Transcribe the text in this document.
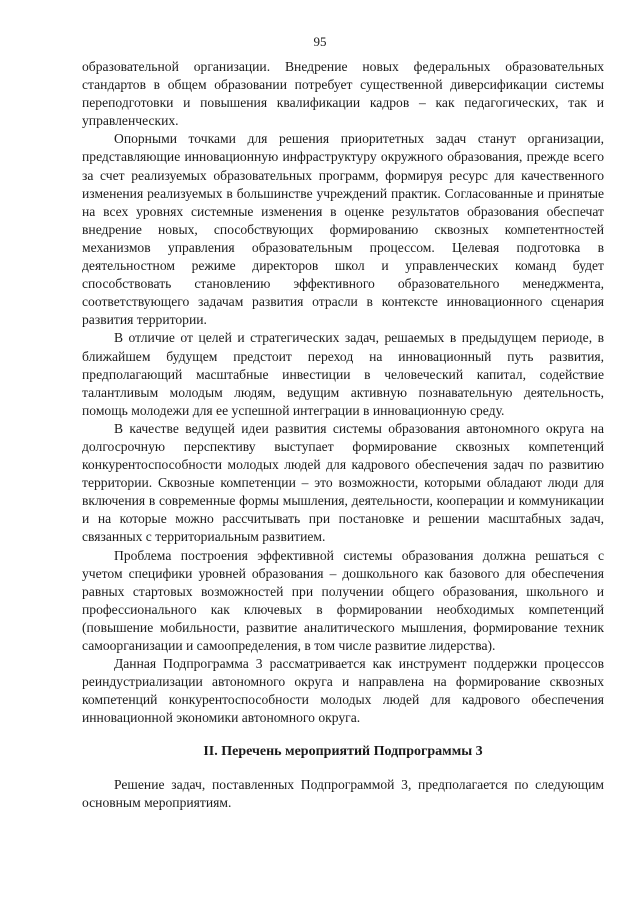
95

образовательной организации. Внедрение новых федеральных образовательных стандартов в общем образовании потребует существенной диверсификации системы переподготовки и повышения квалификации кадров – как педагогических, так и управленческих.

Опорными точками для решения приоритетных задач станут организации, представляющие инновационную инфраструктуру окружного образования, прежде всего за счет реализуемых образовательных программ, формируя ресурс для качественного изменения реализуемых в большинстве учреждений практик. Согласованные и принятые на всех уровнях системные изменения в оценке результатов образования обеспечат внедрение новых, способствующих формированию сквозных компетентностей механизмов управления образовательным процессом. Целевая подготовка в деятельностном режиме директоров школ и управленческих команд будет способствовать становлению эффективного образовательного менеджмента, соответствующего задачам развития отрасли в контексте инновационного сценария развития территории.

В отличие от целей и стратегических задач, решаемых в предыдущем периоде, в ближайшем будущем предстоит переход на инновационный путь развития, предполагающий масштабные инвестиции в человеческий капитал, содействие талантливым молодым людям, ведущим активную познавательную деятельность, помощь молодежи для ее успешной интеграции в инновационную среду.

В качестве ведущей идеи развития системы образования автономного округа на долгосрочную перспективу выступает формирование сквозных компетенций конкурентоспособности молодых людей для кадрового обеспечения задач по развитию территории. Сквозные компетенции – это возможности, которыми обладают люди для включения в современные формы мышления, деятельности, кооперации и коммуникации и на которые можно рассчитывать при постановке и решении масштабных задач, связанных с территориальным развитием.

Проблема построения эффективной системы образования должна решаться с учетом специфики уровней образования – дошкольного как базового для обеспечения равных стартовых возможностей при получении общего образования, школьного и профессионального как ключевых в формировании необходимых компетенций (повышение мобильности, развитие аналитического мышления, формирование техник самоорганизации и самоопределения, в том числе развитие лидерства).

Данная Подпрограмма 3 рассматривается как инструмент поддержки процессов реиндустриализации автономного округа и направлена на формирование сквозных компетенций конкурентоспособности молодых людей для кадрового обеспечения инновационной экономики автономного округа.

II. Перечень мероприятий Подпрограммы 3

Решение задач, поставленных Подпрограммой 3, предполагается по следующим основным мероприятиям.
